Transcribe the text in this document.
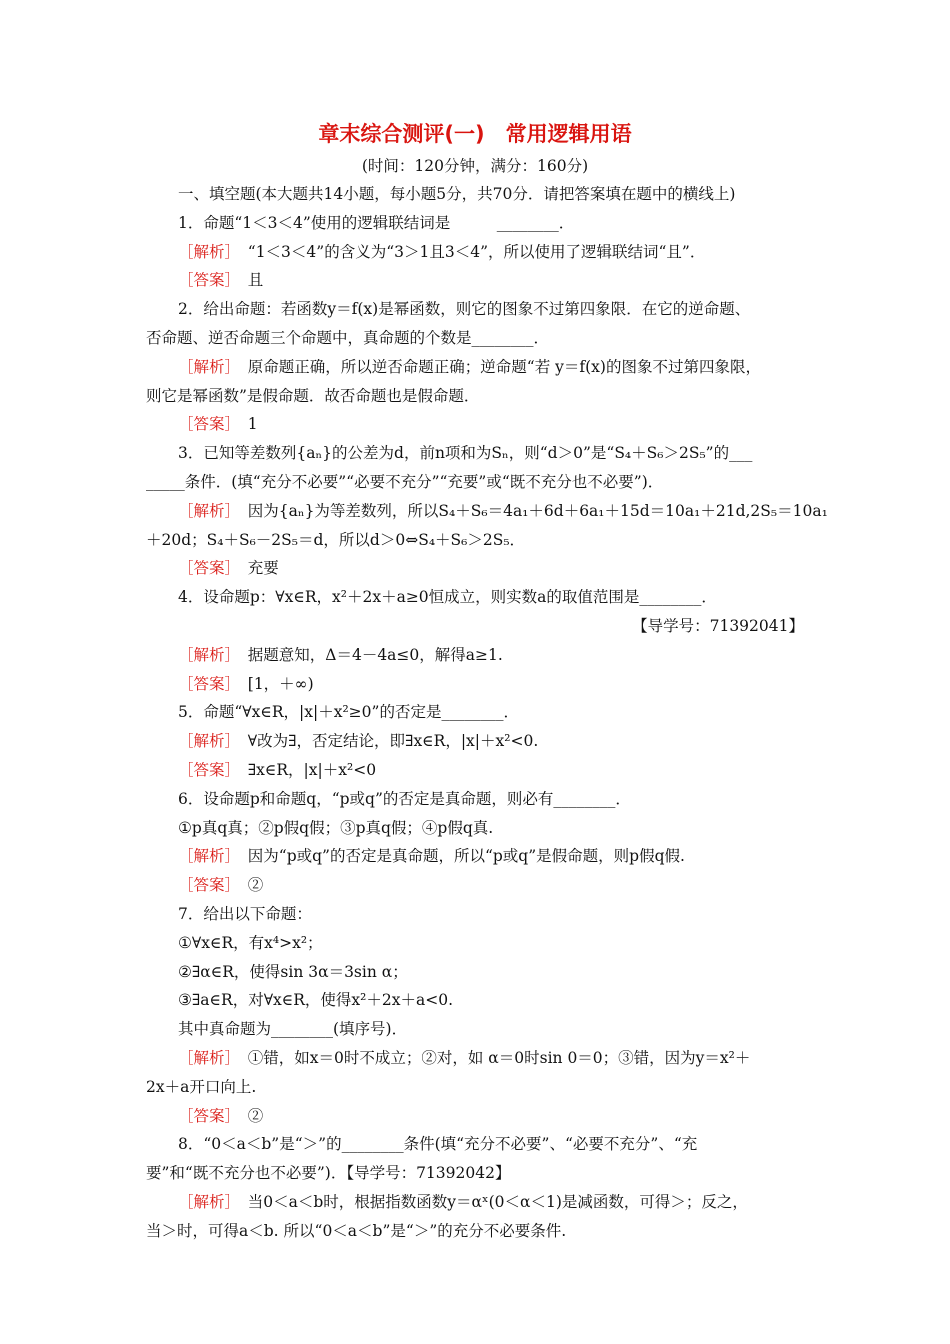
章末综合测评(一)　常用逻辑用语
(时间：120分钟，满分：160分)
一、填空题(本大题共14小题，每小题5分，共70分．请把答案填在题中的横线上)
1．命题“1＜3＜4”使用的逻辑联结词是　　　________．
［解析］　“1＜3＜4”的含义为“3＞1且3＜4”，所以使用了逻辑联结词“且”．
［答案］　且
2．给出命题：若函数y＝f(x)是幂函数，则它的图象不过第四象限．在它的逆命题、
否命题、逆否命题三个命题中，真命题的个数是________．
［解析］　原命题正确，所以逆否命题正确；逆命题“若 y＝f(x)的图象不过第四象限，
则它是幂函数”是假命题．故否命题也是假命题．
［答案］　1
3．已知等差数列{aₙ}的公差为d，前n项和为Sₙ，则“d＞0”是“S₄＋S₆＞2S₅”的___
_____条件．(填“充分不必要”“必要不充分”“充要”或“既不充分也不必要”)．
［解析］　因为{aₙ}为等差数列，所以S₄＋S₆＝4a₁＋6d＋6a₁＋15d＝10a₁＋21d,2S₅＝10a₁
＋20d；S₄＋S₆－2S₅＝d，所以d＞0⇔S₄＋S₆＞2S₅．
［答案］　充要
4．设命题p：∀x∈R，x²＋2x＋a≥0恒成立，则实数a的取值范围是________．
【导学号：71392041】
［解析］　据题意知，Δ＝4－4a≤0，解得a≥1.
［答案］　[1，＋∞)
5．命题“∀x∈R，|x|＋x²≥0”的否定是________．
［解析］　∀改为∃，否定结论，即∃x∈R，|x|＋x²<0.
［答案］　∃x∈R，|x|＋x²<0
6．设命题p和命题q，“p或q”的否定是真命题，则必有________．
①p真q真；②p假q假；③p真q假；④p假q真.
［解析］　因为“p或q”的否定是真命题，所以“p或q”是假命题，则p假q假.
［答案］　②
7．给出以下命题：
①∀x∈R，有x⁴>x²；
②∃α∈R，使得sin 3α＝3sin α；
③∃a∈R，对∀x∈R，使得x²＋2x＋a<0.
其中真命题为________(填序号)．
［解析］　①错，如x＝0时不成立；②对，如 α＝0时sin 0＝0；③错，因为y＝x²＋
2x＋a开口向上.
［答案］　②
8．“0＜a＜b”是“＞”的________条件(填“充分不必要”、“必要不充分”、“充
要”和“既不充分也不必要”)．【导学号：71392042】
［解析］　当0＜a＜b时，根据指数函数y＝αˣ(0＜α＜1)是减函数，可得＞；反之，
当＞时，可得a＜b. 所以“0＜a＜b”是“＞”的充分不必要条件.
